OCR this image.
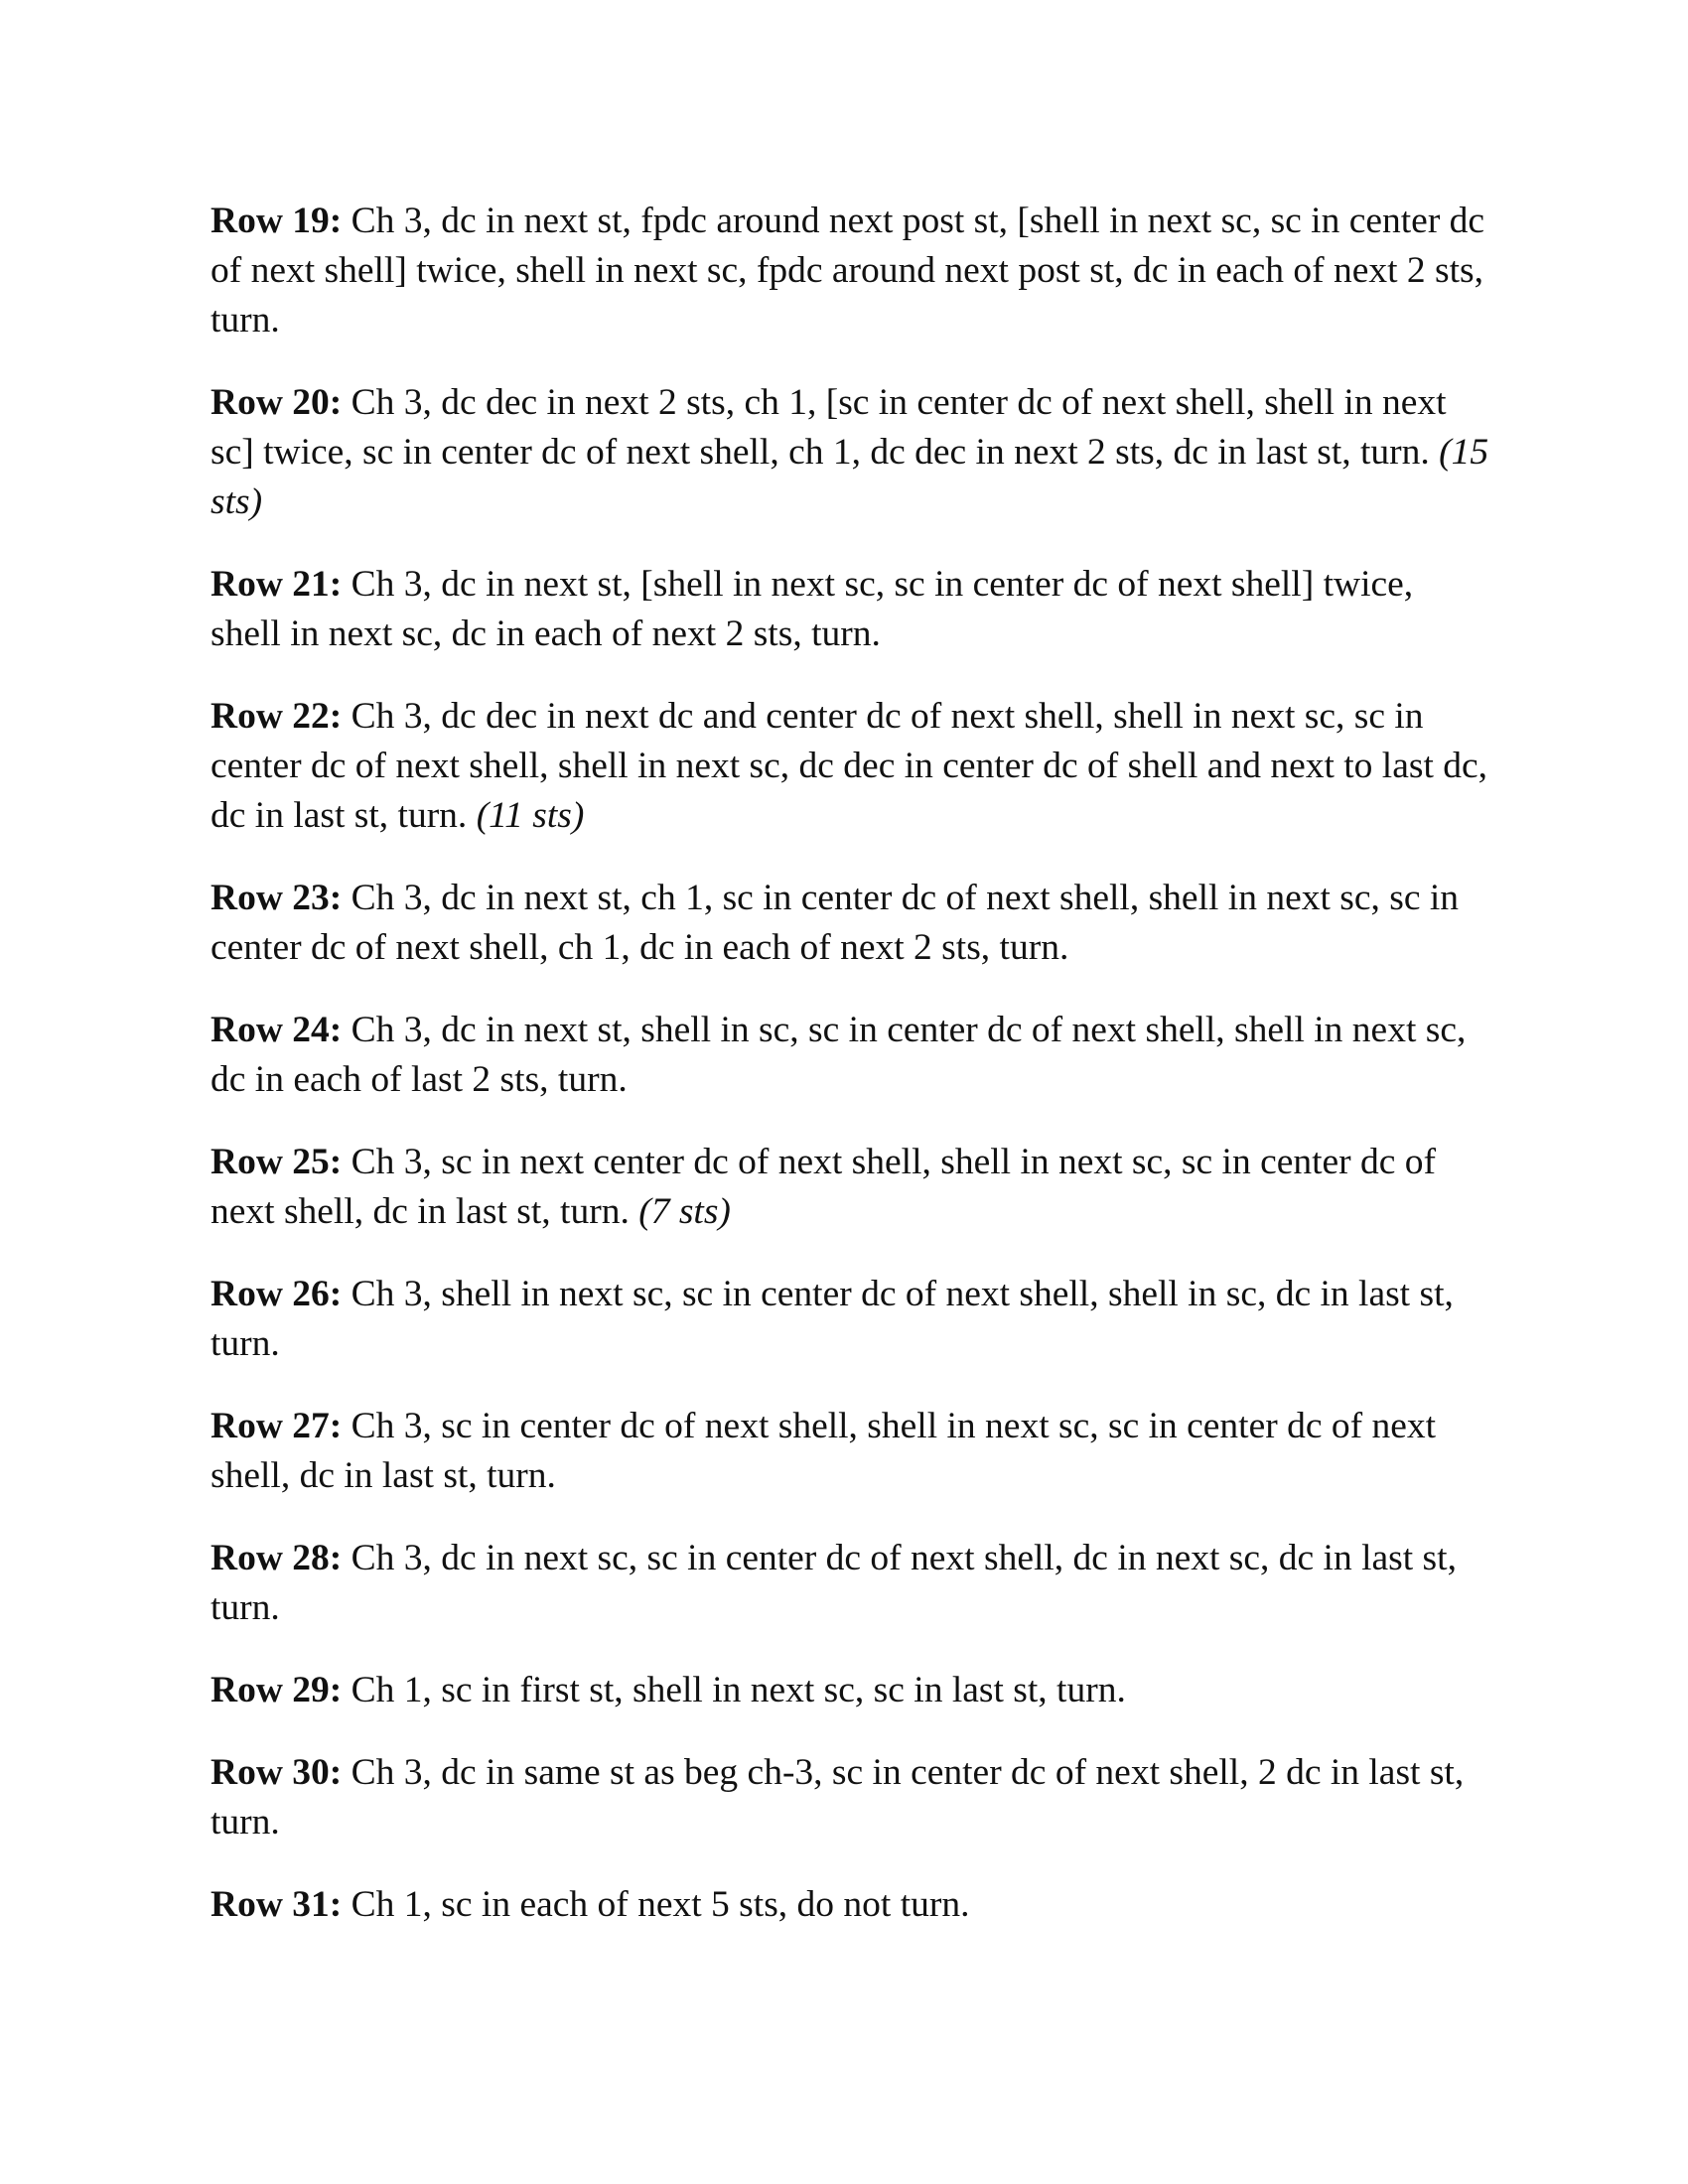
Row 19: Ch 3, dc in next st, fpdc around next post st, [shell in next sc, sc in center dc of next shell] twice, shell in next sc, fpdc around next post st, dc in each of next 2 sts, turn.

Row 20: Ch 3, dc dec in next 2 sts, ch 1, [sc in center dc of next shell, shell in next sc] twice, sc in center dc of next shell, ch 1, dc dec in next 2 sts, dc in last st, turn. (15 sts)

Row 21: Ch 3, dc in next st, [shell in next sc, sc in center dc of next shell] twice, shell in next sc, dc in each of next 2 sts, turn.

Row 22: Ch 3, dc dec in next dc and center dc of next shell, shell in next sc, sc in center dc of next shell, shell in next sc, dc dec in center dc of shell and next to last dc, dc in last st, turn. (11 sts)

Row 23: Ch 3, dc in next st, ch 1, sc in center dc of next shell, shell in next sc, sc in center dc of next shell, ch 1, dc in each of next 2 sts, turn.

Row 24: Ch 3, dc in next st, shell in sc, sc in center dc of next shell, shell in next sc, dc in each of last 2 sts, turn.

Row 25: Ch 3, sc in next center dc of next shell, shell in next sc, sc in center dc of next shell, dc in last st, turn. (7 sts)

Row 26: Ch 3, shell in next sc, sc in center dc of next shell, shell in sc, dc in last st, turn.

Row 27: Ch 3, sc in center dc of next shell, shell in next sc, sc in center dc of next shell, dc in last st, turn.

Row 28: Ch 3, dc in next sc, sc in center dc of next shell, dc in next sc, dc in last st, turn.

Row 29: Ch 1, sc in first st, shell in next sc, sc in last st, turn.

Row 30: Ch 3, dc in same st as beg ch-3, sc in center dc of next shell, 2 dc in last st, turn.

Row 31: Ch 1, sc in each of next 5 sts, do not turn.
